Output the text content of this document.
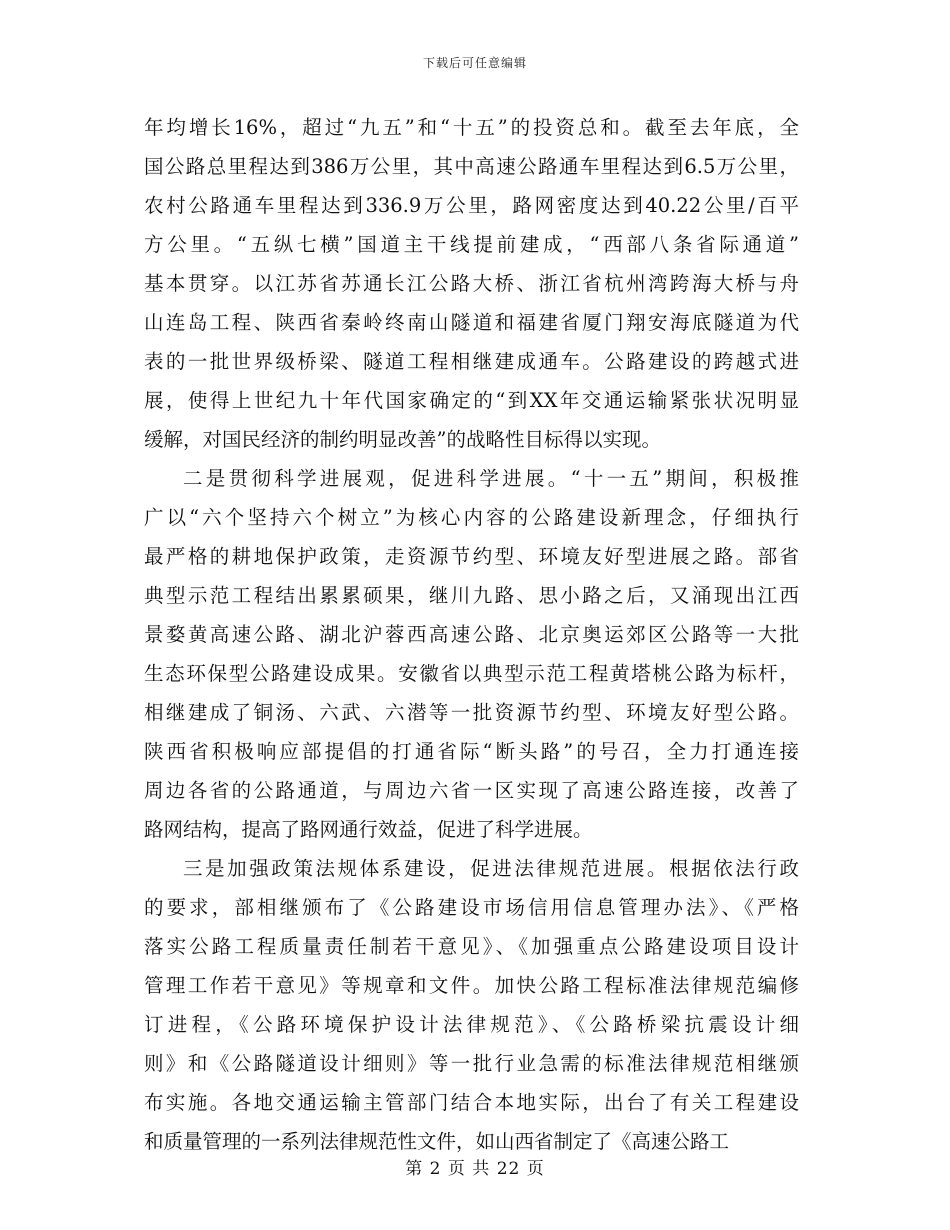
下载后可任意编辑
年均增长16%，超过“九五”和“十五”的投资总和。截至去年底，全
国公路总里程达到386万公里，其中高速公路通车里程达到6.5万公里，
农村公路通车里程达到336.9万公里，路网密度达到40.22公里/百平
方公里。“五纵七横”国道主干线提前建成，“西部八条省际通道”
基本贯穿。以江苏省苏通长江公路大桥、浙江省杭州湾跨海大桥与舟
山连岛工程、陕西省秦岭终南山隧道和福建省厦门翔安海底隧道为代
表的一批世界级桥梁、隧道工程相继建成通车。公路建设的跨越式进
展，使得上世纪九十年代国家确定的“到XX年交通运输紧张状况明显
缓解，对国民经济的制约明显改善”的战略性目标得以实现。
二是贯彻科学进展观，促进科学进展。“十一五”期间，积极推
广以“六个坚持六个树立”为核心内容的公路建设新理念，仔细执行
最严格的耕地保护政策，走资源节约型、环境友好型进展之路。部省
典型示范工程结出累累硕果，继川九路、思小路之后，又涌现出江西
景婺黄高速公路、湖北沪蓉西高速公路、北京奥运郊区公路等一大批
生态环保型公路建设成果。安徽省以典型示范工程黄塔桃公路为标杆，
相继建成了铜汤、六武、六潜等一批资源节约型、环境友好型公路。
陕西省积极响应部提倡的打通省际“断头路”的号召，全力打通连接
周边各省的公路通道，与周边六省一区实现了高速公路连接，改善了
路网结构，提高了路网通行效益，促进了科学进展。
三是加强政策法规体系建设，促进法律规范进展。根据依法行政
的要求，部相继颁布了《公路建设市场信用信息管理办法》、《严格
落实公路工程质量责任制若干意见》、《加强重点公路建设项目设计
管理工作若干意见》等规章和文件。加快公路工程标准法律规范编修
订进程，《公路环境保护设计法律规范》、《公路桥梁抗震设计细
则》和《公路隧道设计细则》等一批行业急需的标准法律规范相继颁
布实施。各地交通运输主管部门结合本地实际，出台了有关工程建设
和质量管理的一系列法律规范性文件，如山西省制定了《高速公路工
第 2 页 共 22 页
